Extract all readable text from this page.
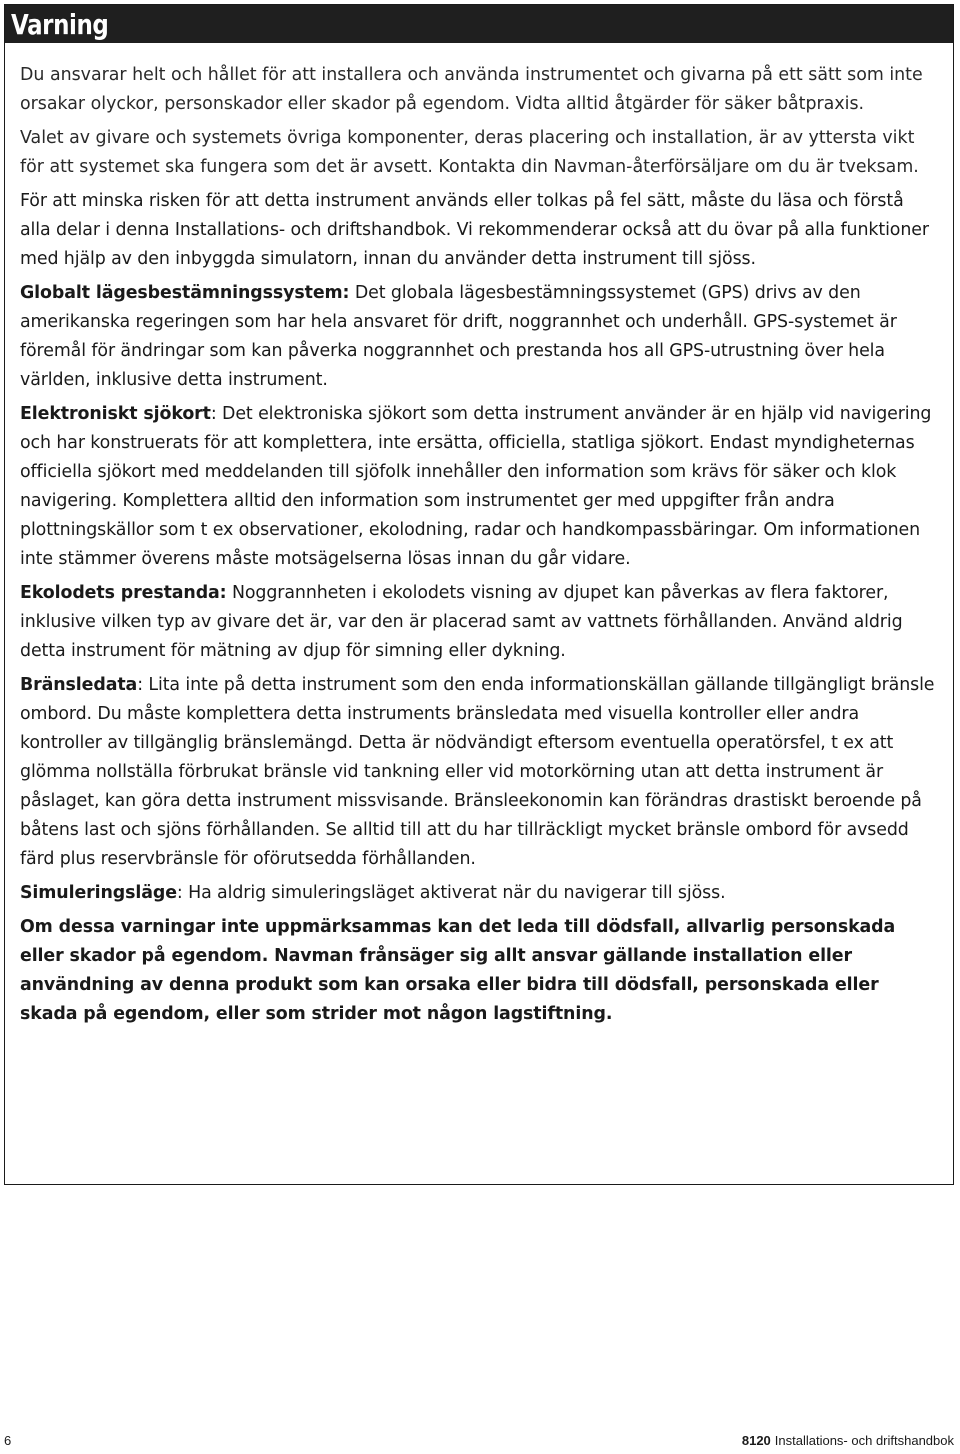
Varning

Du ansvarar helt och hållet för att installera och använda instrumentet och givarna på ett sätt som inte orsakar olyckor, personskador eller skador på egendom. Vidta alltid åtgärder för säker båtpraxis.

Valet av givare och systemets övriga komponenter, deras placering och installation, är av yttersta vikt för att systemet ska fungera som det är avsett. Kontakta din Navman-återförsäljare om du är tveksam.

För att minska risken för att detta instrument används eller tolkas på fel sätt, måste du läsa och förstå alla delar i denna Installations- och driftshandbok. Vi rekommenderar också att du övar på alla funktioner med hjälp av den inbyggda simulatorn, innan du använder detta instrument till sjöss.

Globalt lägesbestämningssystem: Det globala lägesbestämningssystemet (GPS) drivs av den amerikanska regeringen som har hela ansvaret för drift, noggrannhet och underhåll. GPS-systemet är föremål för ändringar som kan påverka noggrannhet och prestanda hos all GPS-utrustning över hela världen, inklusive detta instrument.

Elektroniskt sjökort: Det elektroniska sjökort som detta instrument använder är en hjälp vid navigering och har konstruerats för att komplettera, inte ersätta, officiella, statliga sjökort. Endast myndigheternas officiella sjökort med meddelanden till sjöfolk innehåller den information som krävs för säker och klok navigering. Komplettera alltid den information som instrumentet ger med uppgifter från andra plottningskällor som t ex observationer, ekolodning, radar och handkompassbäringar. Om informationen inte stämmer överens måste motsägelserna lösas innan du går vidare.

Ekolodets prestanda: Noggrannheten i ekolodets visning av djupet kan påverkas av flera faktorer, inklusive vilken typ av givare det är, var den är placerad samt av vattnets förhållanden. Använd aldrig detta instrument för mätning av djup för simning eller dykning.

Bränsledata: Lita inte på detta instrument som den enda informationskällan gällande tillgängligt bränsle ombord. Du måste komplettera detta instruments bränsledata med visuella kontroller eller andra kontroller av tillgänglig bränslemängd. Detta är nödvändigt eftersom eventuella operatörsfel, t ex att glömma nollställa förbrukat bränsle vid tankning eller vid motorkörning utan att detta instrument är påslaget, kan göra detta instrument missvisande. Bränsleekonomin kan förändras drastiskt beroende på båtens last och sjöns förhållanden. Se alltid till att du har tillräckligt mycket bränsle ombord för avsedd färd plus reservbränsle för oförutsedda förhållanden.

Simuleringsläge: Ha aldrig simuleringsläget aktiverat när du navigerar till sjöss.

Om dessa varningar inte uppmärksammas kan det leda till dödsfall, allvarlig personskada eller skador på egendom. Navman frånsäger sig allt ansvar gällande installation eller användning av denna produkt som kan orsaka eller bidra till dödsfall, personskada eller skada på egendom, eller som strider mot någon lagstiftning.

6	8120 Installations- och driftshandbok
